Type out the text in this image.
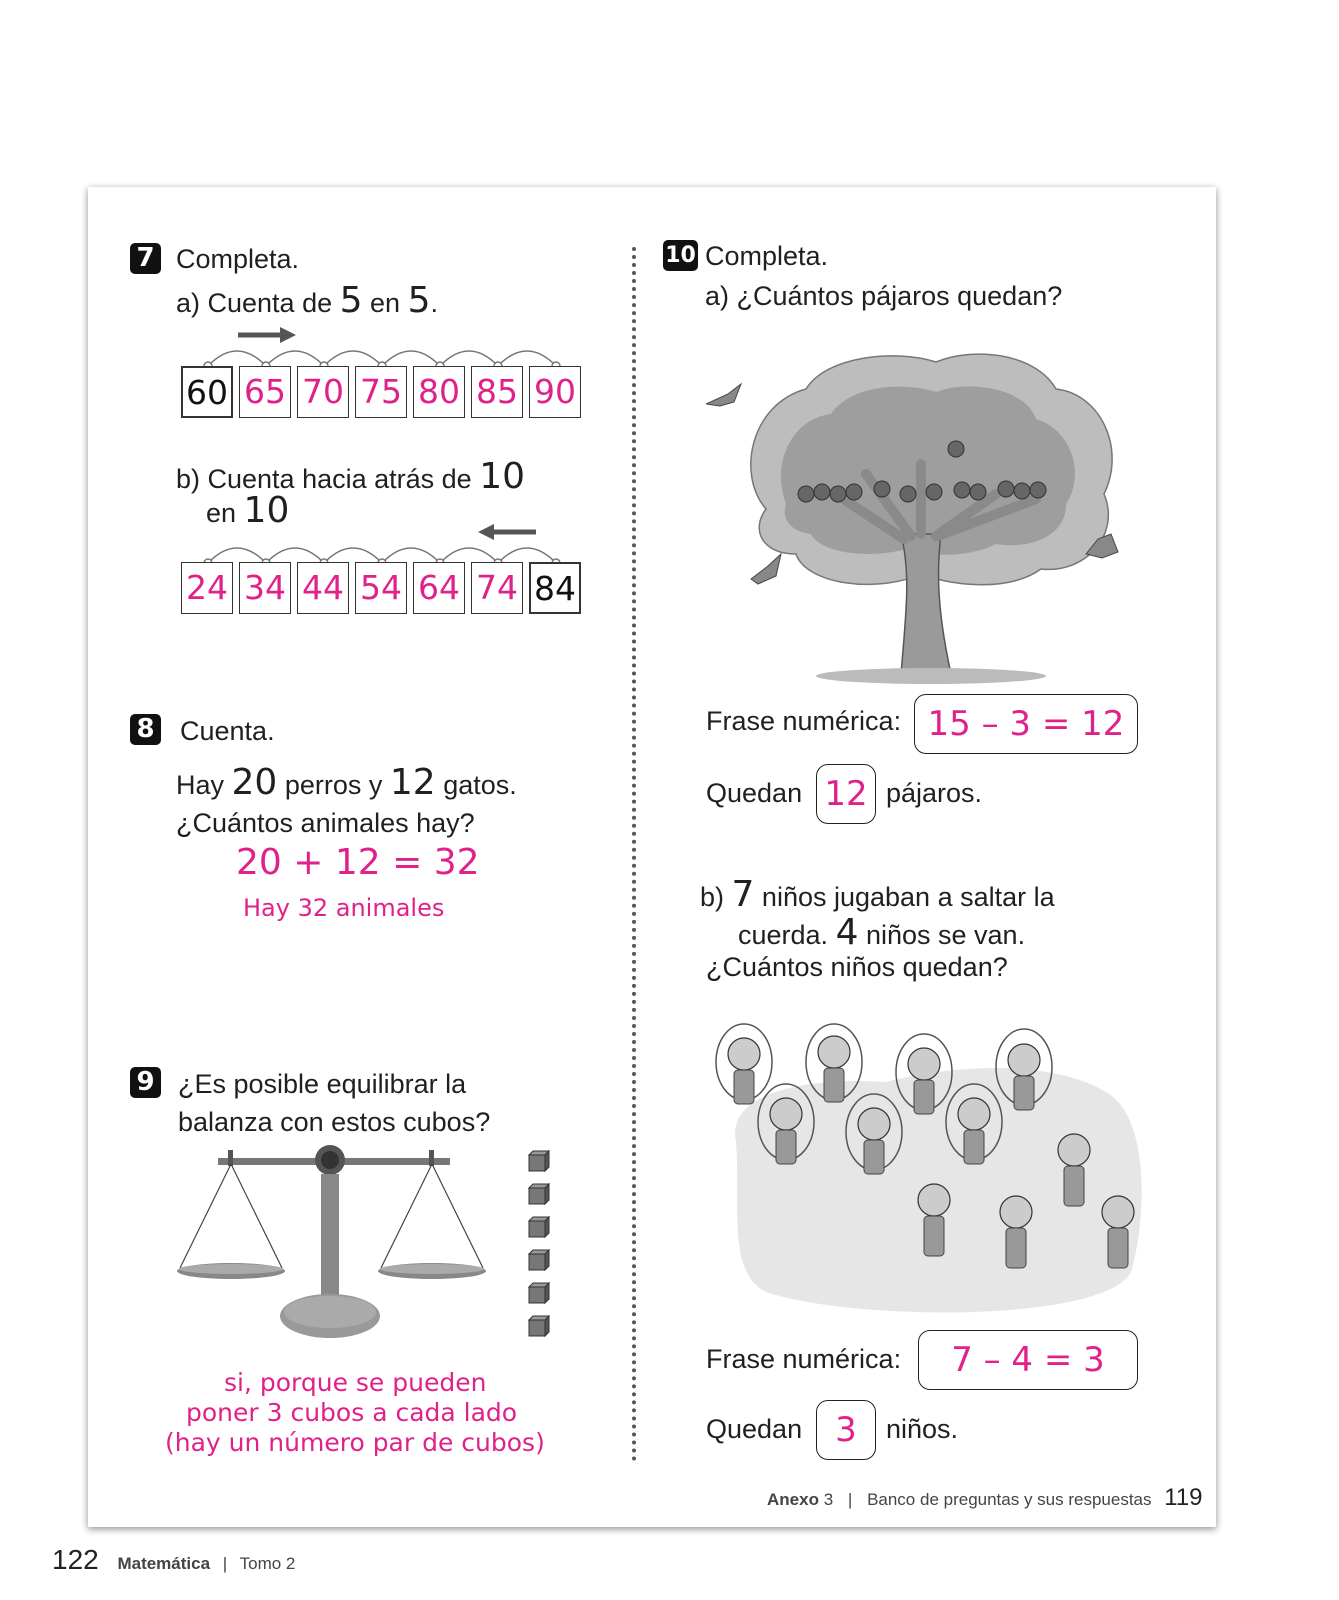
7 Completa.
a) Cuenta de 5 en 5.
60 65 70 75 80 85 90
b) Cuenta hacia atrás de 10
en 10
24 34 44 54 64 74 84
8 Cuenta.
Hay 20 perros y 12 gatos.
¿Cuántos animales hay?
20 + 12 = 32
Hay 32 animales
9 ¿Es posible equilibrar la
balanza con estos cubos?
si, porque se pueden
poner 3 cubos a cada lado
(hay un número par de cubos)
10 Completa.
a) ¿Cuántos pájaros quedan?
Frase numérica: 15 – 3 = 12
Quedan 12 pájaros.
b) 7 niños jugaban a saltar la
cuerda. 4 niños se van.
¿Cuántos niños quedan?
Frase numérica:	7 – 4 = 3
Quedan 3	niños.
Anexo 3 | Banco de preguntas y sus respuestas 119
122 Matemática | Tomo 2
